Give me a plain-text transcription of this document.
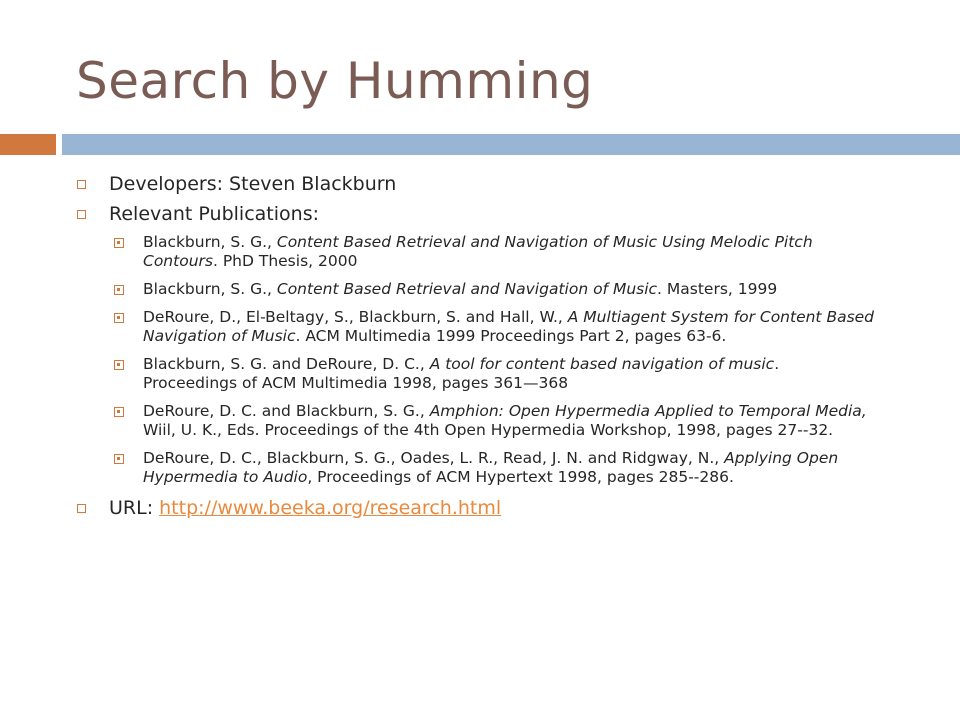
Search by Humming
Developers: Steven Blackburn
Relevant Publications:
Blackburn, S. G., Content Based Retrieval and Navigation of Music Using Melodic Pitch Contours. PhD Thesis, 2000
Blackburn, S. G., Content Based Retrieval and Navigation of Music. Masters, 1999
DeRoure, D., El-Beltagy, S., Blackburn, S. and Hall, W., A Multiagent System for Content Based Navigation of Music. ACM Multimedia 1999 Proceedings Part 2, pages 63-6.
Blackburn, S. G. and DeRoure, D. C., A tool for content based navigation of music. Proceedings of ACM Multimedia 1998, pages 361—368
DeRoure, D. C. and Blackburn, S. G., Amphion: Open Hypermedia Applied to Temporal Media, Wiil, U. K., Eds. Proceedings of the 4th Open Hypermedia Workshop, 1998, pages 27--32.
DeRoure, D. C., Blackburn, S. G., Oades, L. R., Read, J. N. and Ridgway, N., Applying Open Hypermedia to Audio, Proceedings of ACM Hypertext 1998, pages 285--286.
URL: http://www.beeka.org/research.html
